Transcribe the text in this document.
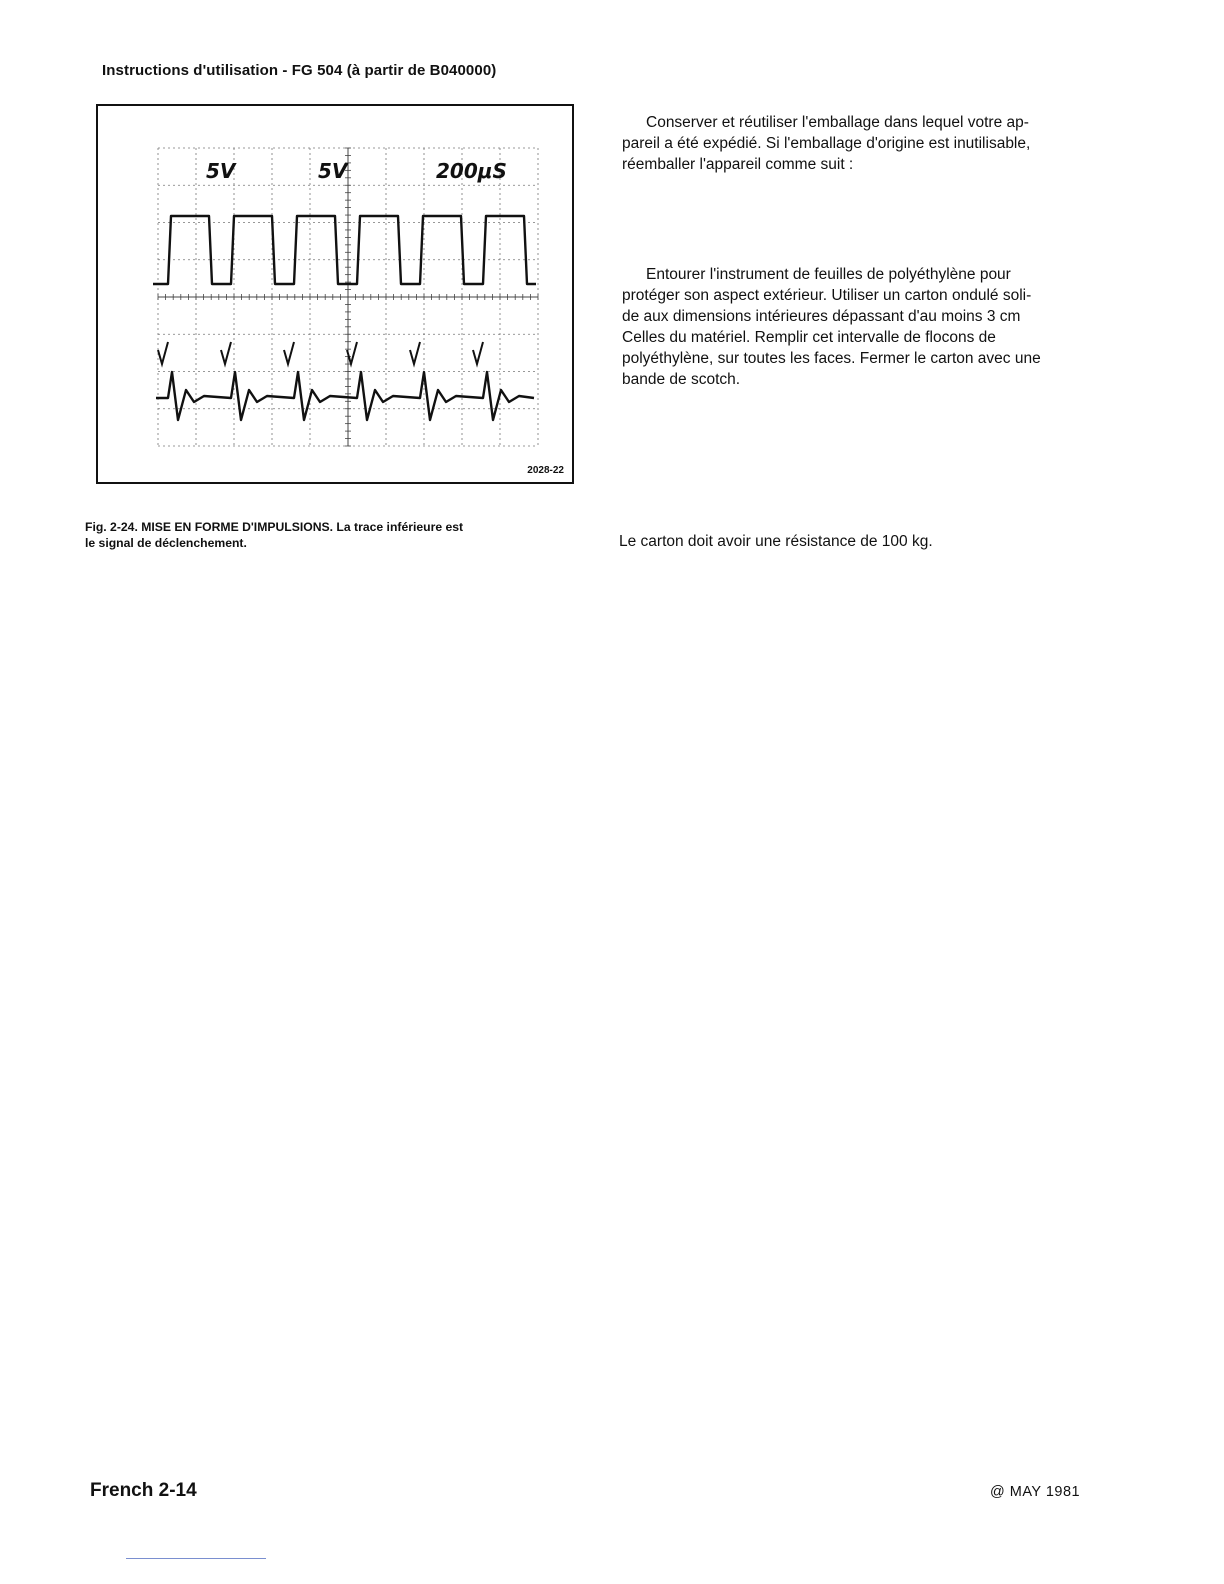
Instructions d'utilisation - FG 504 (à partir de B040000)
5V	5V	200μS
2028-22
Fig. 2-24. MISE EN FORME D'IMPULSIONS. La trace inférieure est
le signal de déclenchement.
Conserver et réutiliser l'emballage dans lequel votre ap-
pareil a été expédié. Si l'emballage d'origine est inutilisable,
réemballer l'appareil comme suit :
Entourer l'instrument de feuilles de polyéthylène pour
protéger son aspect extérieur. Utiliser un carton ondulé soli-
de aux dimensions intérieures dépassant d'au moins 3 cm
Celles du matériel. Remplir cet intervalle de flocons de
polyéthylène, sur toutes les faces. Fermer le carton avec une
bande de scotch.
Le carton doit avoir une résistance de 100 kg.
French 2-14	@ MAY 1981
